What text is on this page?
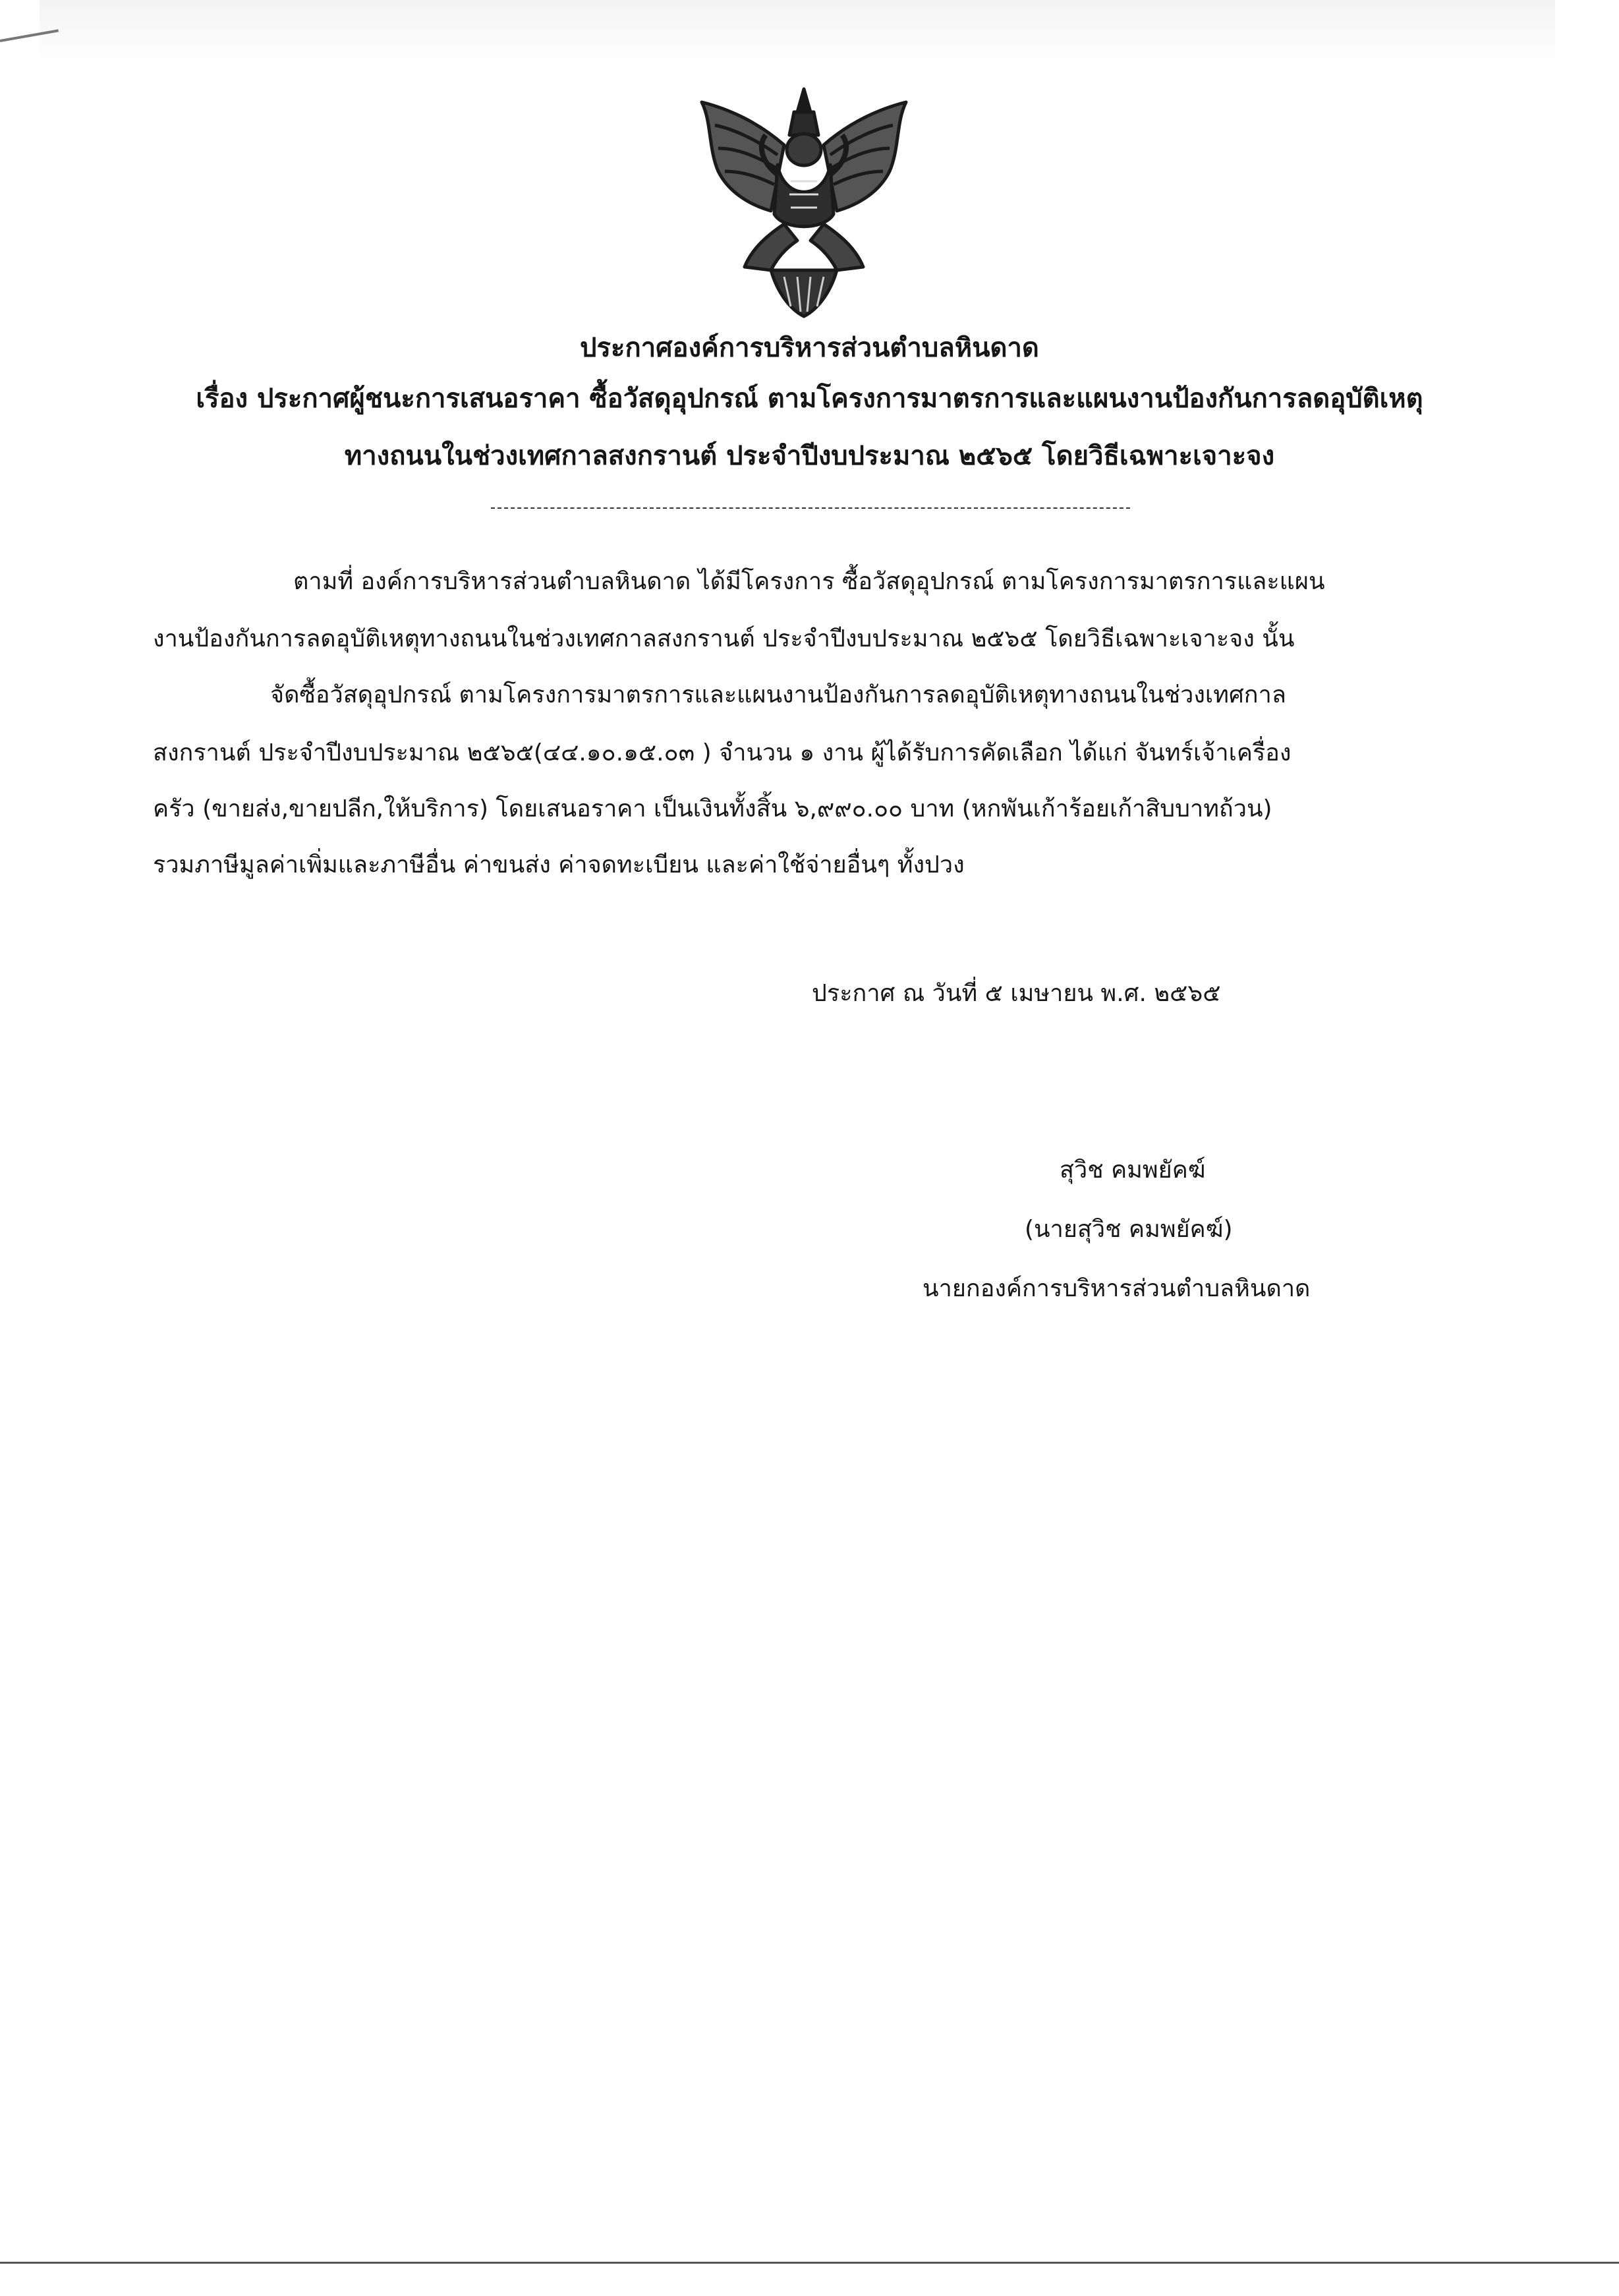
ประกาศองค์การบริหารส่วนตำบลหินดาด
เรื่อง ประกาศผู้ชนะการเสนอราคา ซื้อวัสดุอุปกรณ์ ตามโครงการมาตรการและแผนงานป้องกันการลดอุบัติเหตุ
ทางถนนในช่วงเทศกาลสงกรานต์ ประจำปีงบประมาณ ๒๕๖๕ โดยวิธีเฉพาะเจาะจง
ตามที่ องค์การบริหารส่วนตำบลหินดาด ได้มีโครงการ ซื้อวัสดุอุปกรณ์ ตามโครงการมาตรการและแผน
งานป้องกันการลดอุบัติเหตุทางถนนในช่วงเทศกาลสงกรานต์ ประจำปีงบประมาณ ๒๕๖๕ โดยวิธีเฉพาะเจาะจง นั้น
จัดซื้อวัสดุอุปกรณ์ ตามโครงการมาตรการและแผนงานป้องกันการลดอุบัติเหตุทางถนนในช่วงเทศกาล
สงกรานต์ ประจำปีงบประมาณ ๒๕๖๕(๔๔.๑๐.๑๕.๐๓ ) จำนวน ๑ งาน ผู้ได้รับการคัดเลือก ได้แก่ จันทร์เจ้าเครื่อง
ครัว (ขายส่ง,ขายปลีก,ให้บริการ) โดยเสนอราคา เป็นเงินทั้งสิ้น ๖,๙๙๐.๐๐ บาท (หกพันเก้าร้อยเก้าสิบบาทถ้วน)
รวมภาษีมูลค่าเพิ่มและภาษีอื่น ค่าขนส่ง ค่าจดทะเบียน และค่าใช้จ่ายอื่นๆ ทั้งปวง
ประกาศ ณ วันที่ ๕ เมษายน พ.ศ. ๒๕๖๕
สุวิช คมพยัคฆ์
(นายสุวิช คมพยัคฆ์)
นายกองค์การบริหารส่วนตำบลหินดาด
